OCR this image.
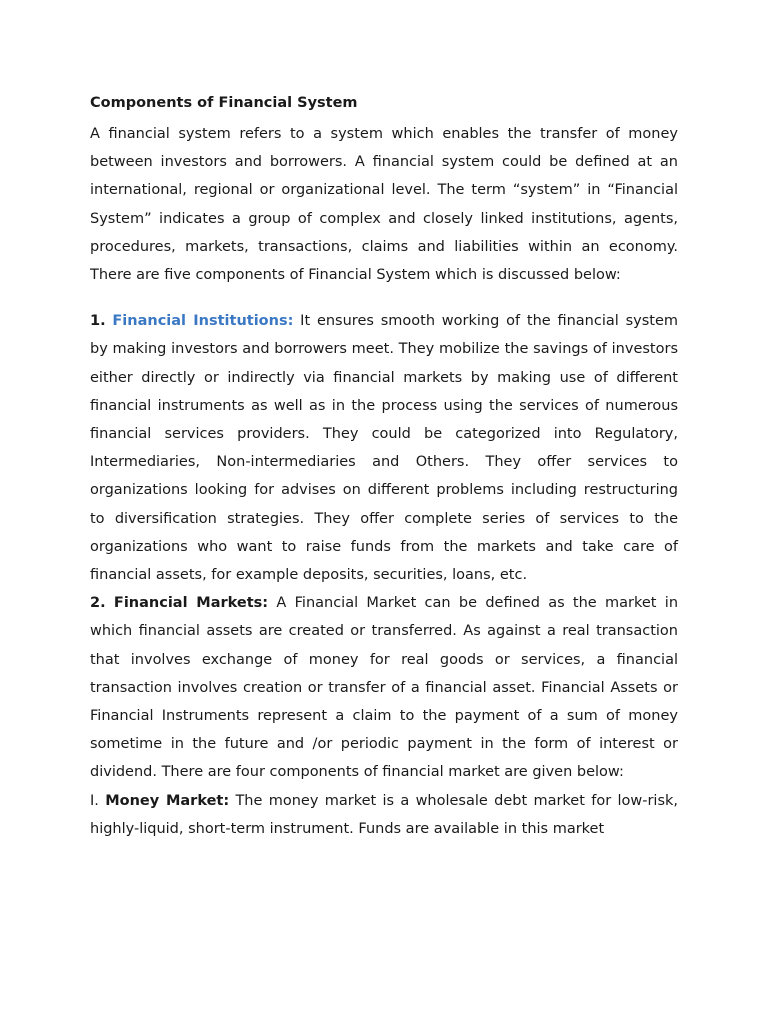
Components of Financial System

A financial system refers to a system which enables the transfer of money between investors and borrowers. A financial system could be defined at an international, regional or organizational level. The term “system” in “Financial System” indicates a group of complex and closely linked institutions, agents, procedures, markets, transactions, claims and liabilities within an economy. There are five components of Financial System which is discussed below:

1. Financial Institutions: It ensures smooth working of the financial system by making investors and borrowers meet. They mobilize the savings of investors either directly or indirectly via financial markets by making use of different financial instruments as well as in the process using the services of numerous financial services providers. They could be categorized into Regulatory, Intermediaries, Non-intermediaries and Others. They offer services to organizations looking for advises on different problems including restructuring to diversification strategies. They offer complete series of services to the organizations who want to raise funds from the markets and take care of financial assets, for example deposits, securities, loans, etc.

2. Financial Markets: A Financial Market can be defined as the market in which financial assets are created or transferred. As against a real transaction that involves exchange of money for real goods or services, a financial transaction involves creation or transfer of a financial asset. Financial Assets or Financial Instruments represent a claim to the payment of a sum of money sometime in the future and /or periodic payment in the form of interest or dividend. There are four components of financial market are given below:

I. Money Market: The money market is a wholesale debt market for low-risk, highly-liquid, short-term instrument. Funds are available in this market
